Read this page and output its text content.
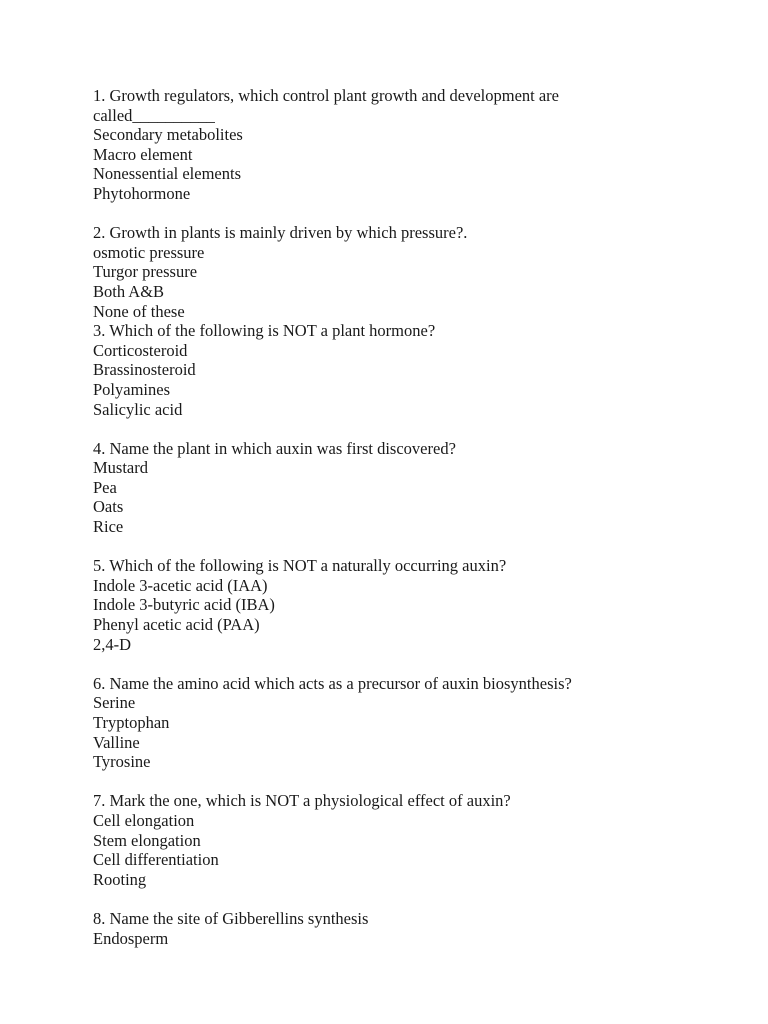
1. Growth regulators, which control plant growth and development are
called__________
Secondary metabolites
Macro element
Nonessential elements
Phytohormone
2. Growth in plants is mainly driven by which pressure?.
osmotic pressure
Turgor pressure
Both A&B
None of these
3. Which of the following is NOT a plant hormone?
Corticosteroid
Brassinosteroid
Polyamines
Salicylic acid
4. Name the plant in which auxin was first discovered?
Mustard
Pea
Oats
Rice
5. Which of the following is NOT a naturally occurring auxin?
Indole 3-acetic acid (IAA)
Indole 3-butyric acid (IBA)
Phenyl acetic acid (PAA)
2,4-D
6. Name the amino acid which acts as a precursor of auxin biosynthesis?
Serine
Tryptophan
Valline
Tyrosine
7. Mark the one, which is NOT a physiological effect of auxin?
Cell elongation
Stem elongation
Cell differentiation
Rooting
8. Name the site of Gibberellins synthesis
Endosperm
